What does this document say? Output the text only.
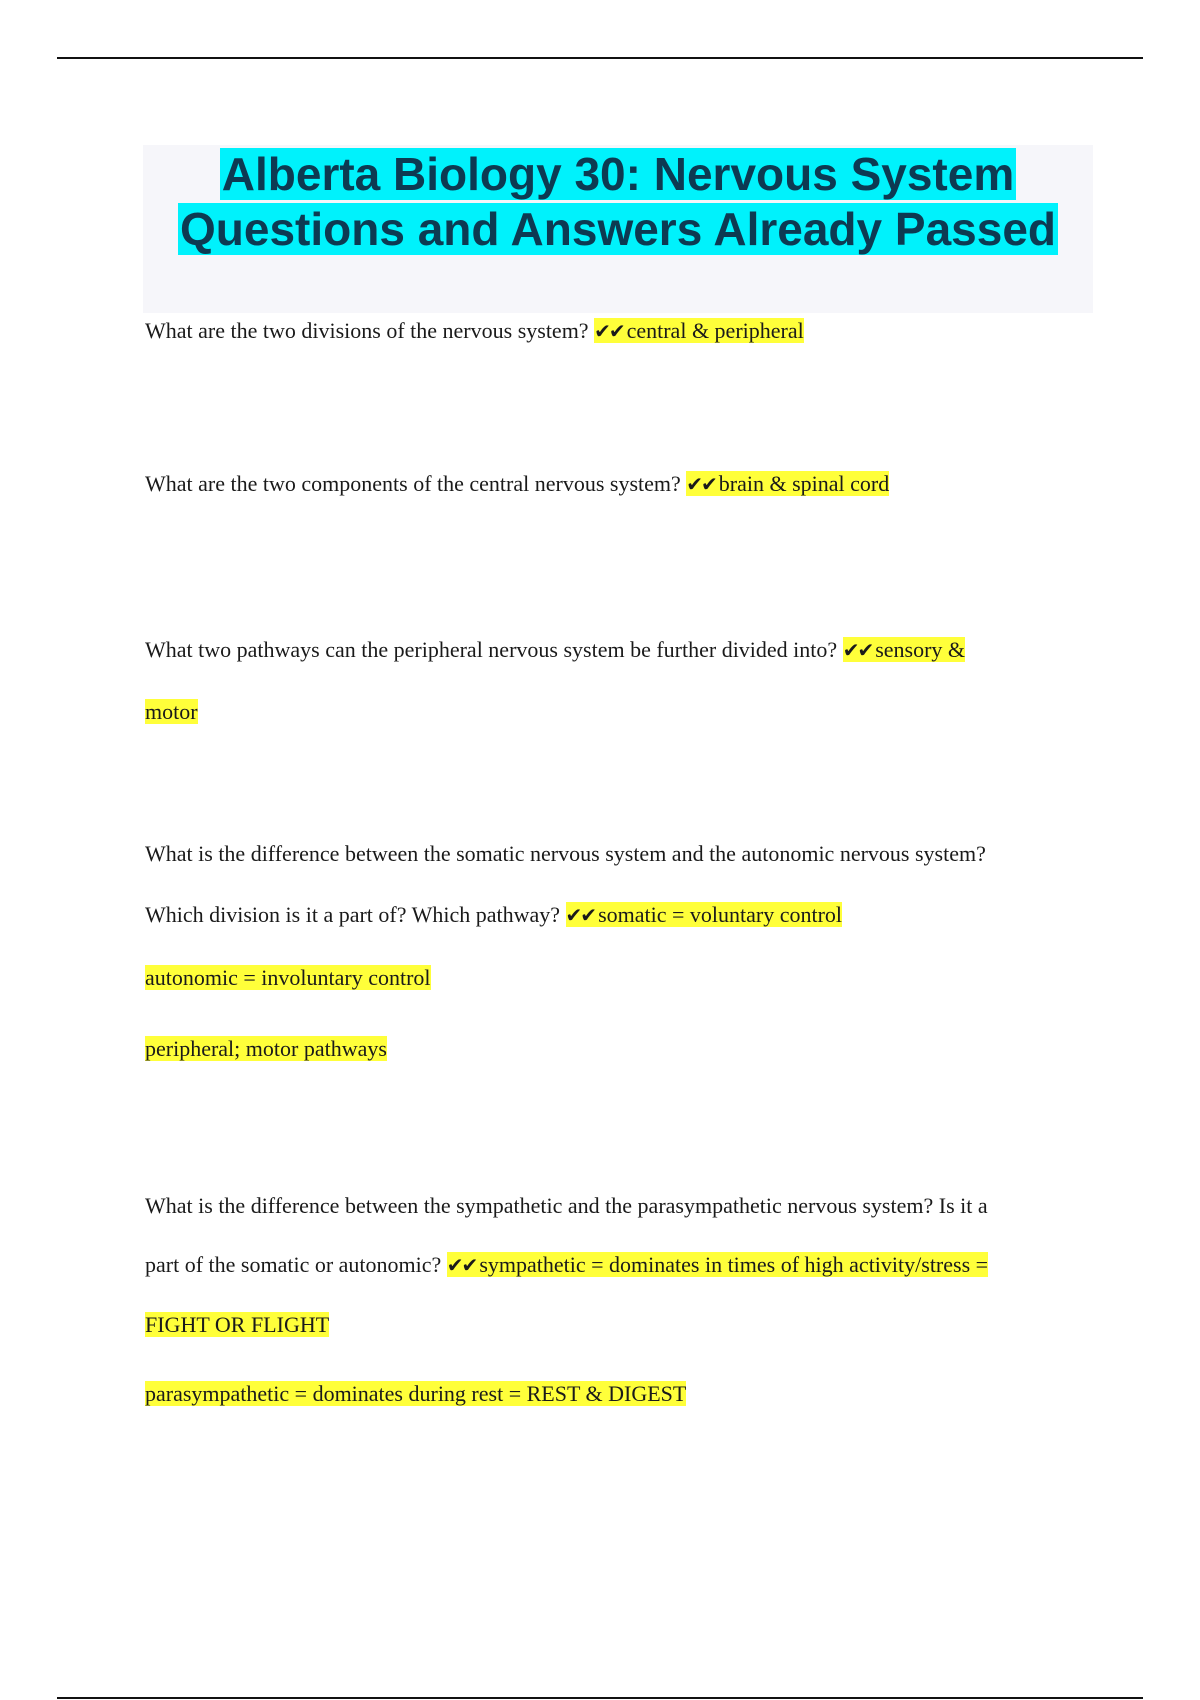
Alberta Biology 30: Nervous System
Questions and Answers Already Passed

What are the two divisions of the nervous system? ✔✔ central & peripheral

What are the two components of the central nervous system? ✔✔ brain & spinal cord

What two pathways can the peripheral nervous system be further divided into? ✔✔ sensory &

motor

What is the difference between the somatic nervous system and the autonomic nervous system?

Which division is it a part of? Which pathway? ✔✔ somatic = voluntary control

autonomic = involuntary control

peripheral; motor pathways

What is the difference between the sympathetic and the parasympathetic nervous system? Is it a

part of the somatic or autonomic? ✔✔ sympathetic = dominates in times of high activity/stress =

FIGHT OR FLIGHT

parasympathetic = dominates during rest = REST & DIGEST
